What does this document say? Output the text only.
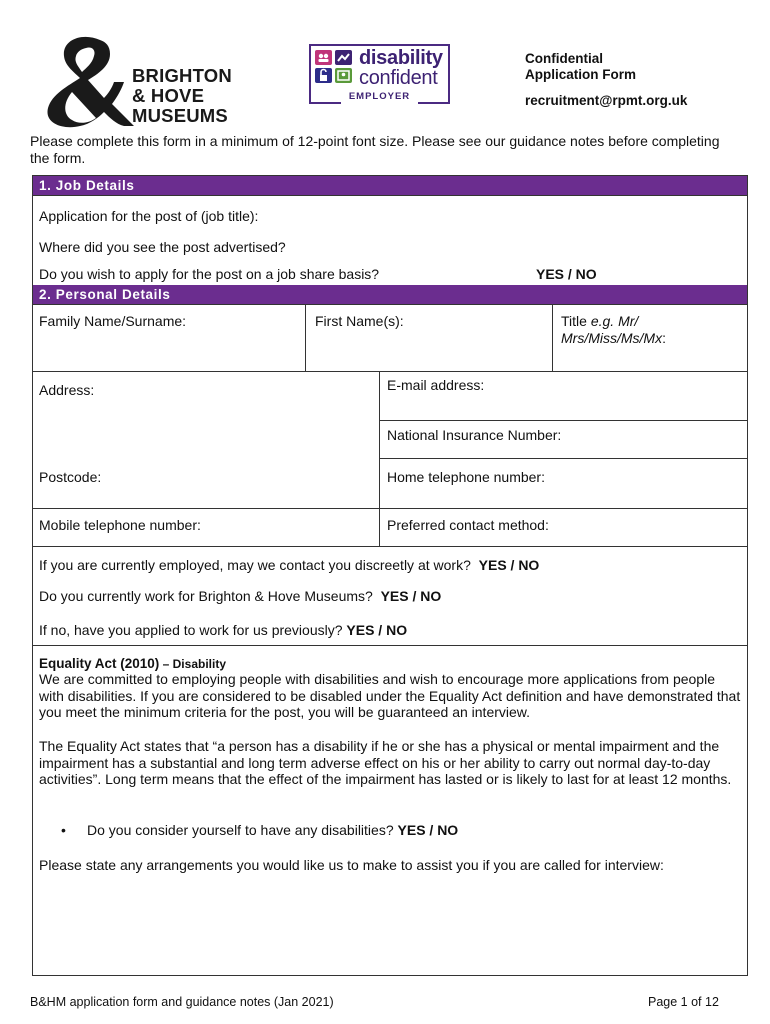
BRIGHTON
& HOVE
MUSEUMS
disability
confident
EMPLOYER
Confidential
Application Form
recruitment@rpmt.org.uk
Please complete this form in a minimum of 12-point font size. Please see our guidance notes before completing the form.
1. Job Details
Application for the post of (job title):
Where did you see the post advertised?
Do you wish to apply for the post on a job share basis?	YES / NO
2. Personal Details
Family Name/Surname:	First Name(s):	Title e.g. Mr/
Mrs/Miss/Ms/Mx:
Address:	E-mail address:
National Insurance Number:
Postcode:	Home telephone number:
Mobile telephone number:	Preferred contact method:
If you are currently employed, may we contact you discreetly at work? YES / NO
Do you currently work for Brighton & Hove Museums? YES / NO
If no, have you applied to work for us previously? YES / NO
Equality Act (2010) – Disability
We are committed to employing people with disabilities and wish to encourage more applications from people with disabilities. If you are considered to be disabled under the Equality Act definition and have demonstrated that you meet the minimum criteria for the post, you will be guaranteed an interview.
The Equality Act states that “a person has a disability if he or she has a physical or mental impairment and the impairment has a substantial and long term adverse effect on his or her ability to carry out normal day-to-day activities”. Long term means that the effect of the impairment has lasted or is likely to last for at least 12 months.
• Do you consider yourself to have any disabilities? YES / NO
Please state any arrangements you would like us to make to assist you if you are called for interview:
B&HM application form and guidance notes (Jan 2021)	Page 1 of 12
